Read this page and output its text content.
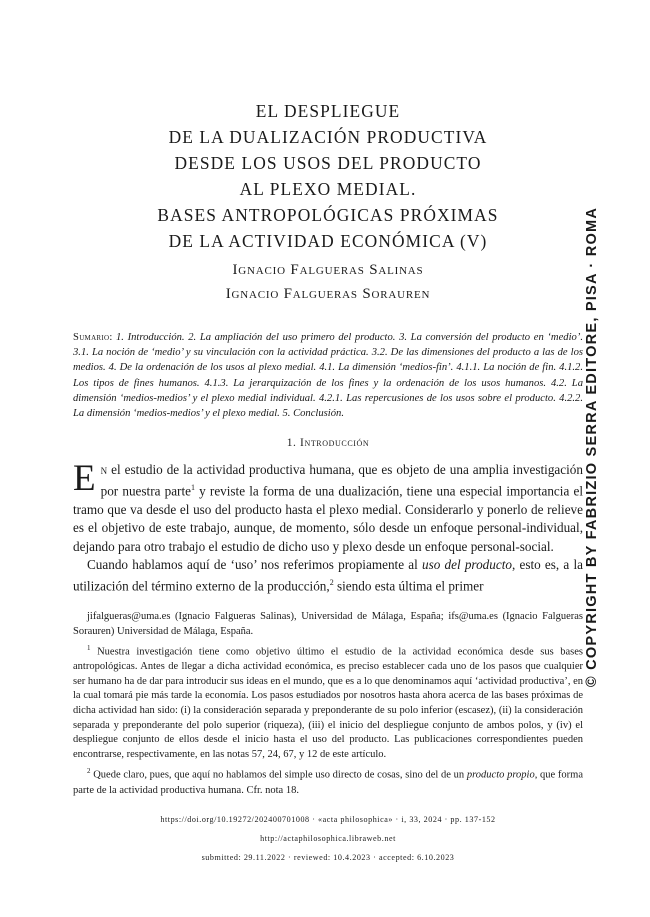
EL DESPLIEGUE
DE LA DUALIZACIÓN PRODUCTIVA
DESDE LOS USOS DEL PRODUCTO
AL PLEXO MEDIAL.
BASES ANTROPOLÓGICAS PRÓXIMAS
DE LA ACTIVIDAD ECONÓMICA (V)
Ignacio Falgueras Salinas
Ignacio Falgueras Sorauren
Sumario: 1. Introducción. 2. La ampliación del uso primero del producto. 3. La conversión del producto en ‘medio’. 3.1. La noción de ‘medio’ y su vinculación con la actividad práctica. 3.2. De las dimensiones del producto a las de los medios. 4. De la ordenación de los usos al plexo medial. 4.1. La dimensión ‘medios-fin’. 4.1.1. La noción de fin. 4.1.2. Los tipos de fines humanos. 4.1.3. La jerarquización de los fines y la ordenación de los usos humanos. 4.2. La dimensión ‘medios-medios’ y el plexo medial individual. 4.2.1. Las repercusiones de los usos sobre el producto. 4.2.2. La dimensión ‘medios-medios’ y el plexo medial. 5. Conclusión.
1. Introducción

En el estudio de la actividad productiva humana, que es objeto de una amplia investigación por nuestra parte$^1$ y reviste la forma de una dualización, tiene una especial importancia el tramo que va desde el uso del producto hasta el plexo medial. Considerarlo y ponerlo de relieve es el objetivo de este trabajo, aunque, de momento, sólo desde un enfoque personal-individual, dejando para otro trabajo el estudio de dicho uso y plexo desde un enfoque personal-social.

Cuando hablamos aquí de ‘uso’ nos referimos propiamente al uso del producto, esto es, a la utilización del término externo de la producción,$^2$ siendo esta última el primer

jifalgueras@uma.es (Ignacio Falgueras Salinas), Universidad de Málaga, España; ifs@uma.es (Ignacio Falgueras Sorauren) Universidad de Málaga, España.

$^1$ Nuestra investigación tiene como objetivo último el estudio de la actividad económica desde sus bases antropológicas. Antes de llegar a dicha actividad económica, es preciso establecer cada uno de los pasos que cualquier ser humano ha de dar para introducir sus ideas en el mundo, que es a lo que denominamos aquí ‘actividad productiva’, en la cual tomará pie más tarde la economía. Los pasos estudiados por nosotros hasta ahora acerca de las bases próximas de dicha actividad han sido: (i) la consideración separada y preponderante de su polo inferior (escasez), (ii) la consideración separada y preponderante del polo superior (riqueza), (iii) el inicio del despliegue conjunto de ambos polos, y (iv) el despliegue conjunto de ellos desde el inicio hasta el uso del producto. Las publicaciones correspondientes pueden encontrarse, respectivamente, en las notas 57, 24, 67, y 12 de este artículo.

$^2$ Quede claro, pues, que aquí no hablamos del simple uso directo de cosas, sino del de un producto propio, que forma parte de la actividad productiva humana. Cfr. nota 18.

https://doi.org/10.19272/202400701008 · «acta philosophica» · i, 33, 2024 · pp. 137-152
http://actaphilosophica.libraweb.net
submitted: 29.11.2022 · reviewed: 10.4.2023 · accepted: 6.10.2023
© COPYRIGHT BY FABRIZIO SERRA EDITORE, PISA · ROMA
